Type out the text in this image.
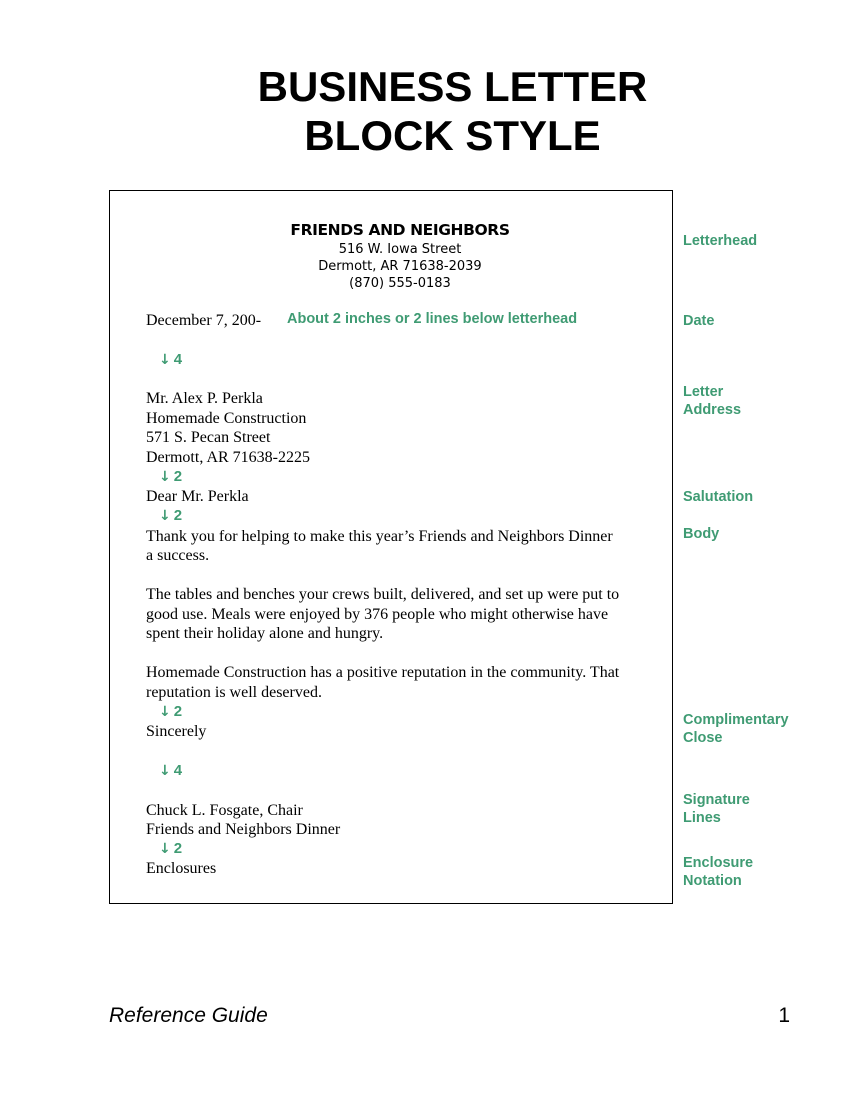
BUSINESS LETTER
BLOCK STYLE
FRIENDS AND NEIGHBORS
516 W. Iowa Street
Dermott, AR 71638-2039
(870) 555-0183
December 7, 200-	About 2 inches or 2 lines below letterhead
↓ 4
Mr. Alex P. Perkla
Homemade Construction
571 S. Pecan Street
Dermott, AR 71638-2225
↓ 2
Dear Mr. Perkla
↓ 2
Thank you for helping to make this year’s Friends and Neighbors Dinner
a success.
The tables and benches your crews built, delivered, and set up were put to
good use. Meals were enjoyed by 376 people who might otherwise have
spent their holiday alone and hungry.
Homemade Construction has a positive reputation in the community. That
reputation is well deserved.
↓ 2
Sincerely
↓ 4
Chuck L. Fosgate, Chair
Friends and Neighbors Dinner
↓ 2
Enclosures
Letterhead
Date
Letter
Address
Salutation
Body
Complimentary
Close
Signature
Lines
Enclosure
Notation
Reference Guide	1
